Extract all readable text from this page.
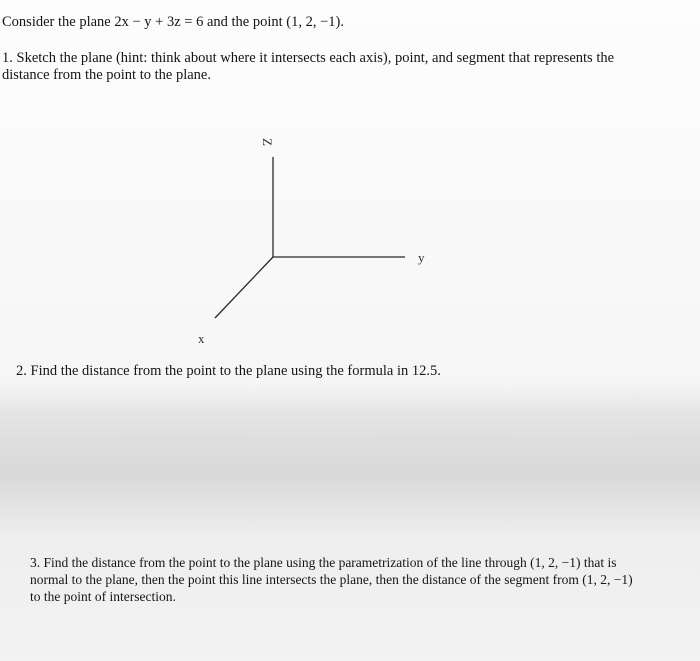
Consider the plane 2x − y + 3z = 6 and the point (1, 2, −1).
1. Sketch the plane (hint: think about where it intersects each axis), point, and segment that represents the
distance from the point to the plane.
Z
y
x
2. Find the distance from the point to the plane using the formula in 12.5.
3. Find the distance from the point to the plane using the parametrization of the line through (1, 2, −1) that is
normal to the plane, then the point this line intersects the plane, then the distance of the segment from (1, 2, −1)
to the point of intersection.
